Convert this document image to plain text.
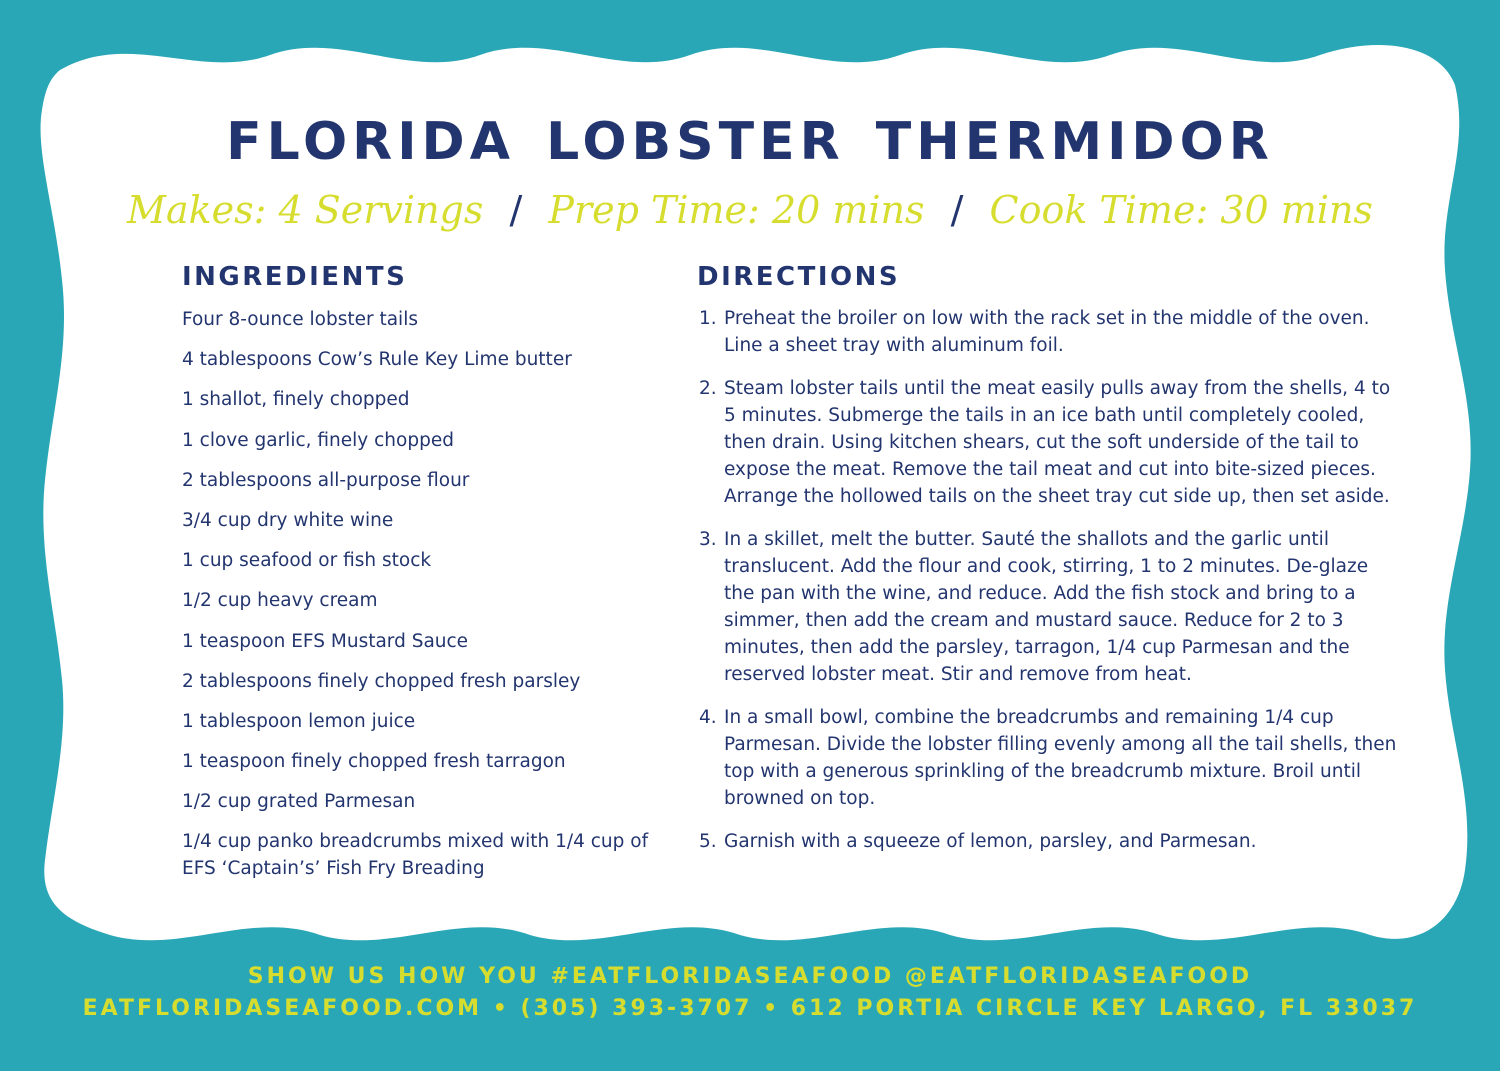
FLORIDA LOBSTER THERMIDOR
Makes: 4 Servings / Prep Time: 20 mins / Cook Time: 30 mins
INGREDIENTS
Four 8-ounce lobster tails
4 tablespoons Cow’s Rule Key Lime butter
1 shallot, finely chopped
1 clove garlic, finely chopped
2 tablespoons all-purpose flour
3/4 cup dry white wine
1 cup seafood or fish stock
1/2 cup heavy cream
1 teaspoon EFS Mustard Sauce
2 tablespoons finely chopped fresh parsley
1 tablespoon lemon juice
1 teaspoon finely chopped fresh tarragon
1/2 cup grated Parmesan
1/4 cup panko breadcrumbs mixed with 1/4 cup of EFS ‘Captain’s’ Fish Fry Breading
DIRECTIONS
1. Preheat the broiler on low with the rack set in the middle of the oven. Line a sheet tray with aluminum foil.
2. Steam lobster tails until the meat easily pulls away from the shells, 4 to 5 minutes. Submerge the tails in an ice bath until completely cooled, then drain. Using kitchen shears, cut the soft underside of the tail to expose the meat. Remove the tail meat and cut into bite-sized pieces. Arrange the hollowed tails on the sheet tray cut side up, then set aside.
3. In a skillet, melt the butter. Sauté the shallots and the garlic until translucent. Add the flour and cook, stirring, 1 to 2 minutes. De-glaze the pan with the wine, and reduce. Add the fish stock and bring to a simmer, then add the cream and mustard sauce. Reduce for 2 to 3 minutes, then add the parsley, tarragon, 1/4 cup Parmesan and the reserved lobster meat. Stir and remove from heat.
4. In a small bowl, combine the breadcrumbs and remaining 1/4 cup Parmesan. Divide the lobster filling evenly among all the tail shells, then top with a generous sprinkling of the breadcrumb mixture. Broil until browned on top.
5. Garnish with a squeeze of lemon, parsley, and Parmesan.

SHOW US HOW YOU #EATFLORIDASEAFOOD @EATFLORIDASEAFOOD

EATFLORIDASEAFOOD.COM • (305) 393-3707 • 612 PORTIA CIRCLE KEY LARGO, FL 33037
